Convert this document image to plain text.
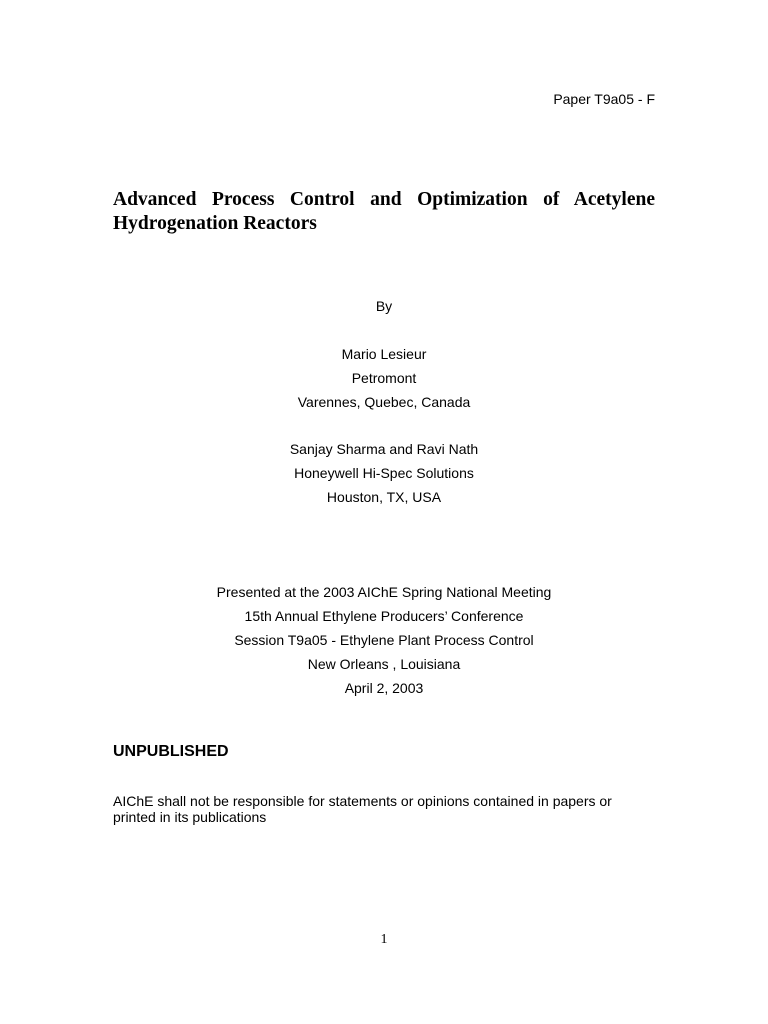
Paper T9a05 - F
Advanced Process Control and Optimization of Acetylene Hydrogenation Reactors
By
Mario Lesieur
Petromont
Varennes, Quebec, Canada
Sanjay Sharma and Ravi Nath
Honeywell Hi-Spec Solutions
Houston, TX, USA
Presented at the 2003 AIChE Spring National Meeting
15th Annual Ethylene Producers’ Conference
Session T9a05 - Ethylene Plant Process Control
New Orleans , Louisiana
April 2, 2003
UNPUBLISHED
AIChE shall not be responsible for statements or opinions contained in papers or printed in its publications
1
